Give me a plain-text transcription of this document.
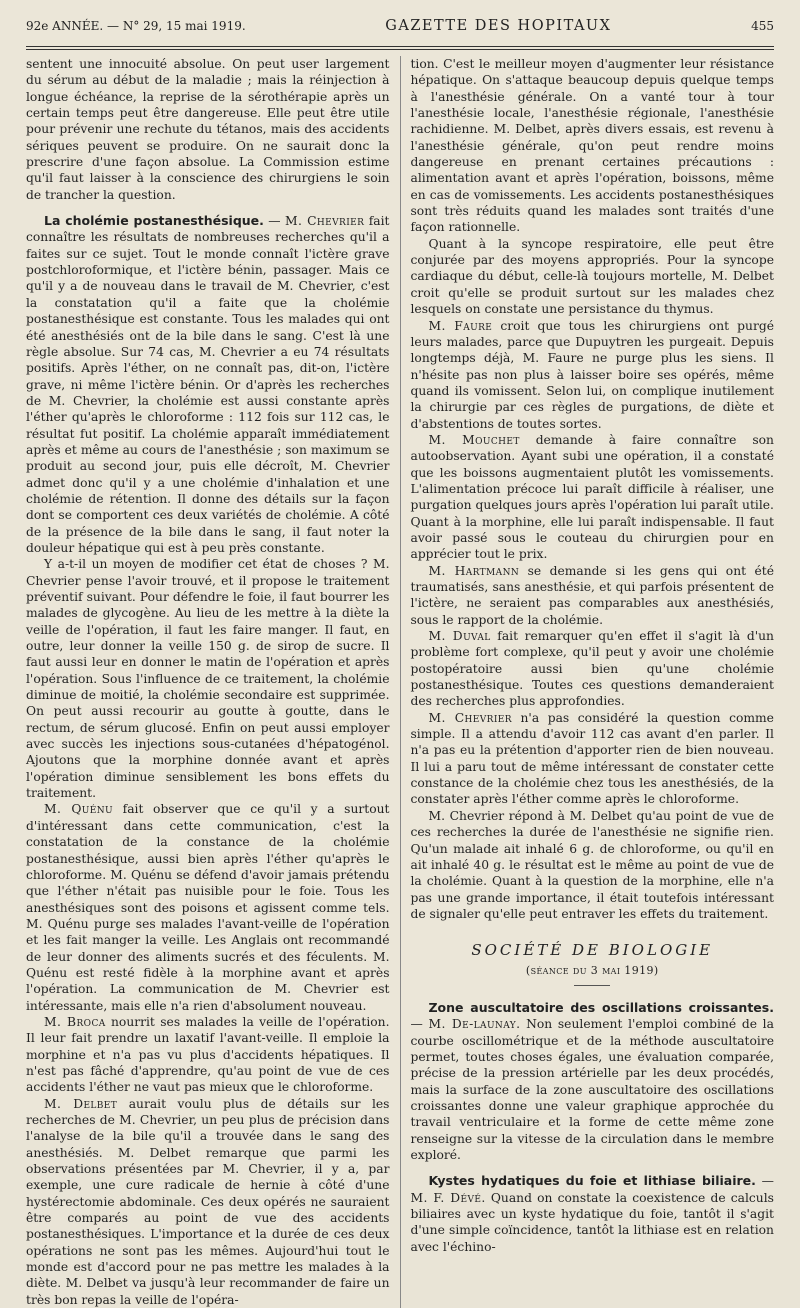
92e ANNÉE. — N° 29, 15 mai 1919.	GAZETTE DES HOPITAUX	455

sentent une innocuité absolue. On peut user largement du sérum au début de la maladie ; mais la réinjection à longue échéance, la reprise de la sérothérapie après un certain temps peut être dangereuse. Elle peut être utile pour prévenir une rechute du tétanos, mais des accidents sériques peuvent se produire. On ne saurait donc la prescrire d'une façon absolue. La Commission estime qu'il faut laisser à la conscience des chirurgiens le soin de trancher la question.

La cholémie postanesthésique. — M. Chevrier fait connaître les résultats de nombreuses recherches qu'il a faites sur ce sujet. Tout le monde connaît l'ictère grave postchloroformique, et l'ictère bénin, passager. Mais ce qu'il y a de nouveau dans le travail de M. Chevrier, c'est la constatation qu'il a faite que la cholémie postanesthésique est constante. Tous les malades qui ont été anesthésiés ont de la bile dans le sang. C'est là une règle absolue. Sur 74 cas, M. Chevrier a eu 74 résultats positifs. Après l'éther, on ne connaît pas, dit-on, l'ictère grave, ni même l'ictère bénin. Or d'après les recherches de M. Chevrier, la cholémie est aussi constante après l'éther qu'après le chloroforme : 112 fois sur 112 cas, le résultat fut positif. La cholémie apparaît immédiatement après et même au cours de l'anesthésie ; son maximum se produit au second jour, puis elle décroît, M. Chevrier admet donc qu'il y a une cholémie d'inhalation et une cholémie de rétention. Il donne des détails sur la façon dont se comportent ces deux variétés de cholémie. A côté de la présence de la bile dans le sang, il faut noter la douleur hépatique qui est à peu près constante.

Y a-t-il un moyen de modifier cet état de choses ? M. Chevrier pense l'avoir trouvé, et il propose le traitement préventif suivant. Pour défendre le foie, il faut bourrer les malades de glycogène. Au lieu de les mettre à la diète la veille de l'opération, il faut les faire manger. Il faut, en outre, leur donner la veille 150 g. de sirop de sucre. Il faut aussi leur en donner le matin de l'opération et après l'opération. Sous l'influence de ce traitement, la cholémie diminue de moitié, la cholémie secondaire est supprimée. On peut aussi recourir au goutte à goutte, dans le rectum, de sérum glucosé. Enfin on peut aussi employer avec succès les injections sous-cutanées d'hépatogénol. Ajoutons que la morphine donnée avant et après l'opération diminue sensiblement les bons effets du traitement.

M. Quénu fait observer que ce qu'il y a surtout d'intéressant dans cette communication, c'est la constatation de la constance de la cholémie postanesthésique, aussi bien après l'éther qu'après le chloroforme. M. Quénu se défend d'avoir jamais prétendu que l'éther n'était pas nuisible pour le foie. Tous les anesthésiques sont des poisons et agissent comme tels. M. Quénu purge ses malades l'avant-veille de l'opération et les fait manger la veille. Les Anglais ont recommandé de leur donner des aliments sucrés et des féculents. M. Quénu est resté fidèle à la morphine avant et après l'opération. La communication de M. Chevrier est intéressante, mais elle n'a rien d'absolument nouveau.

M. Broca nourrit ses malades la veille de l'opération. Il leur fait prendre un laxatif l'avant-veille. Il emploie la morphine et n'a pas vu plus d'accidents hépatiques. Il n'est pas fâché d'apprendre, qu'au point de vue de ces accidents l'éther ne vaut pas mieux que le chloroforme.

M. Delbet aurait voulu plus de détails sur les recherches de M. Chevrier, un peu plus de précision dans l'analyse de la bile qu'il a trouvée dans le sang des anesthésiés. M. Delbet remarque que parmi les observations présentées par M. Chevrier, il y a, par exemple, une cure radicale de hernie à côté d'une hystérectomie abdominale. Ces deux opérés ne sauraient être comparés au point de vue des accidents postanesthésiques. L'importance et la durée de ces deux opérations ne sont pas les mêmes. Aujourd'hui tout le monde est d'accord pour ne pas mettre les malades à la diète. M. Delbet va jusqu'à leur recommander de faire un très bon repas la veille de l'opéra-

tion. C'est le meilleur moyen d'augmenter leur résistance hépatique. On s'attaque beaucoup depuis quelque temps à l'anesthésie générale. On a vanté tour à tour l'anesthésie locale, l'anesthésie régionale, l'anesthésie rachidienne. M. Delbet, après divers essais, est revenu à l'anesthésie générale, qu'on peut rendre moins dangereuse en prenant certaines précautions : alimentation avant et après l'opération, boissons, même en cas de vomissements. Les accidents postanesthésiques sont très réduits quand les malades sont traités d'une façon rationnelle.

Quant à la syncope respiratoire, elle peut être conjurée par des moyens appropriés. Pour la syncope cardiaque du début, celle-là toujours mortelle, M. Delbet croit qu'elle se produit surtout sur les malades chez lesquels on constate une persistance du thymus.

M. Faure croit que tous les chirurgiens ont purgé leurs malades, parce que Dupuytren les purgeait. Depuis longtemps déjà, M. Faure ne purge plus les siens. Il n'hésite pas non plus à laisser boire ses opérés, même quand ils vomissent. Selon lui, on complique inutilement la chirurgie par ces règles de purgations, de diète et d'abstentions de toutes sortes.

M. Mouchet demande à faire connaître son autoobservation. Ayant subi une opération, il a constaté que les boissons augmentaient plutôt les vomissements. L'alimentation précoce lui paraît difficile à réaliser, une purgation quelques jours après l'opération lui paraît utile. Quant à la morphine, elle lui paraît indispensable. Il faut avoir passé sous le couteau du chirurgien pour en apprécier tout le prix.

M. Hartmann se demande si les gens qui ont été traumatisés, sans anesthésie, et qui parfois présentent de l'ictère, ne seraient pas comparables aux anesthésiés, sous le rapport de la cholémie.

M. Duval fait remarquer qu'en effet il s'agit là d'un problème fort complexe, qu'il peut y avoir une cholémie postopératoire aussi bien qu'une cholémie postanesthésique. Toutes ces questions demanderaient des recherches plus approfondies.

M. Chevrier n'a pas considéré la question comme simple. Il a attendu d'avoir 112 cas avant d'en parler. Il n'a pas eu la prétention d'apporter rien de bien nouveau. Il lui a paru tout de même intéressant de constater cette constance de la cholémie chez tous les anesthésiés, de la constater après l'éther comme après le chloroforme.

M. Chevrier répond à M. Delbet qu'au point de vue de ces recherches la durée de l'anesthésie ne signifie rien. Qu'un malade ait inhalé 6 g. de chloroforme, ou qu'il en ait inhalé 40 g. le résultat est le même au point de vue de la cholémie. Quant à la question de la morphine, elle n'a pas une grande importance, il était toutefois intéressant de signaler qu'elle peut entraver les effets du traitement.

SOCIÉTÉ DE BIOLOGIE
(séance du 3 mai 1919)

Zone auscultatoire des oscillations croissantes. — M. De-launay. Non seulement l'emploi combiné de la courbe oscillométrique et de la méthode auscultatoire permet, toutes choses égales, une évaluation comparée, précise de la pression artérielle par les deux procédés, mais la surface de la zone auscultatoire des oscillations croissantes donne une valeur graphique approchée du travail ventriculaire et la forme de cette même zone renseigne sur la vitesse de la circulation dans le membre exploré.

Kystes hydatiques du foie et lithiase biliaire. — M. F. Dévé. Quand on constate la coexistence de calculs biliaires avec un kyste hydatique du foie, tantôt il s'agit d'une simple coïncidence, tantôt la lithiase est en relation avec l'échino-
